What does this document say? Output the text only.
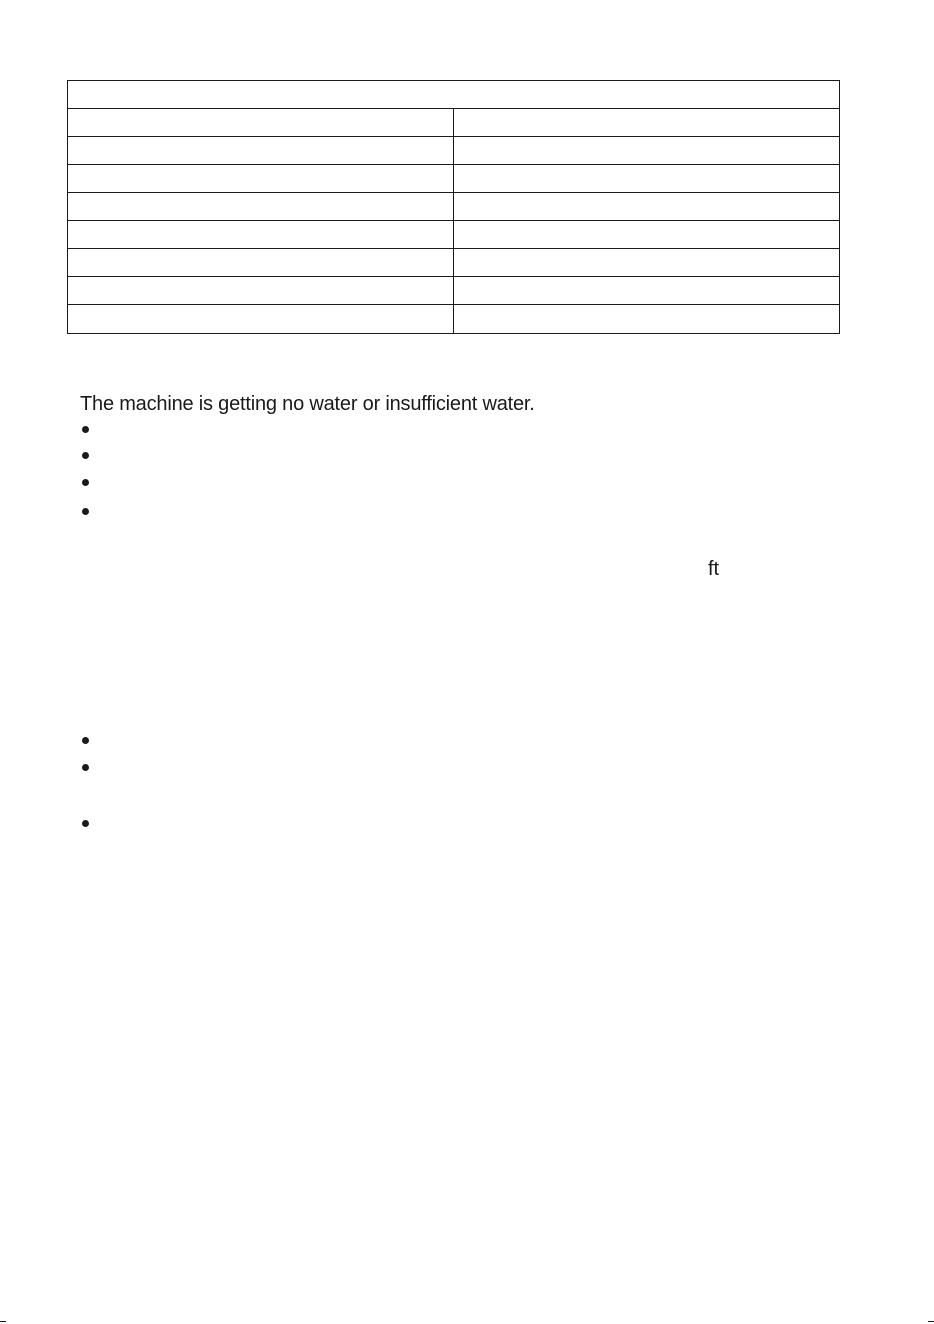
The machine is getting no water or insufficient water.
ft
